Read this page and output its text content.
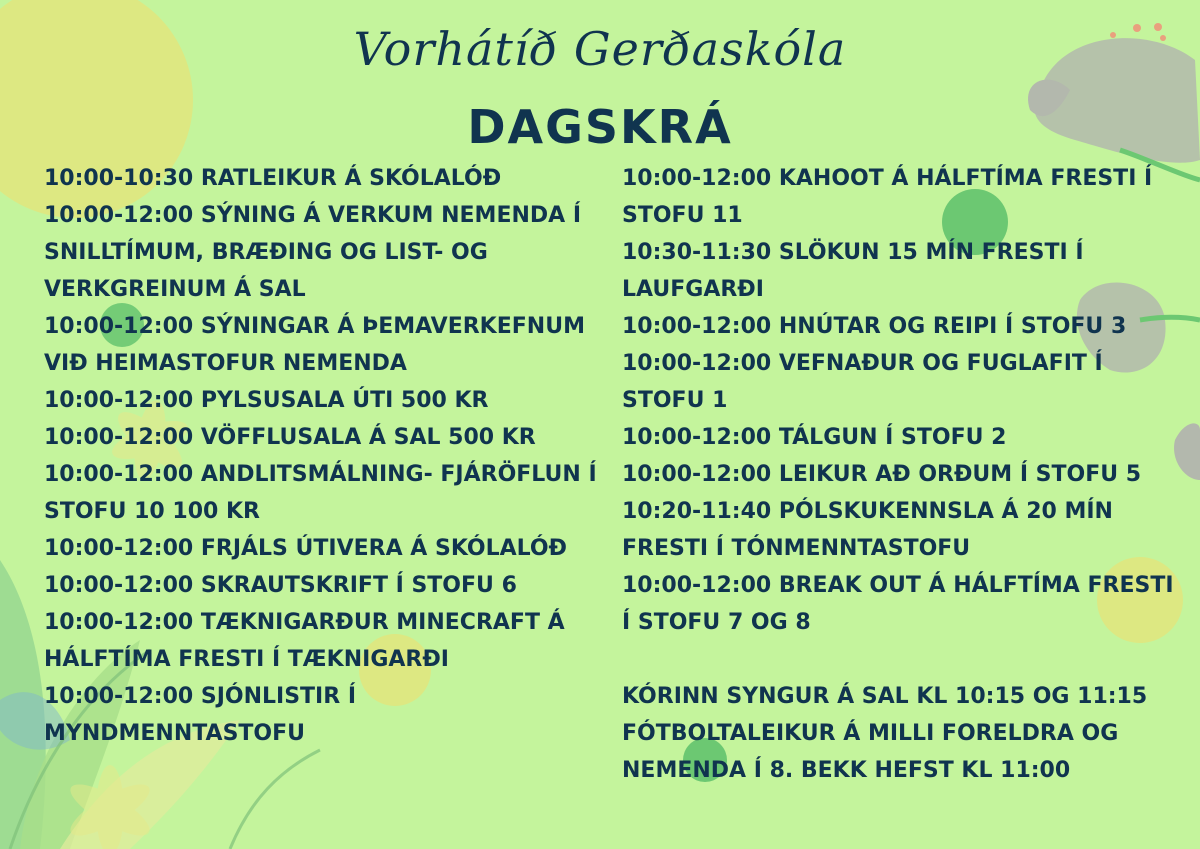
Vorhátíð Gerðaskóla
DAGSKRÁ
10:00-10:30 RATLEIKUR Á SKÓLALÓÐ
10:00-12:00 SÝNING Á VERKUM NEMENDA Í SNILLTÍMUM, BRÆÐING OG LIST- OG VERKGREINUM Á SAL
10:00-12:00 SÝNINGAR Á ÞEMAVERKEFNUM VIÐ HEIMASTOFUR NEMENDA
10:00-12:00 PYLSUSALA ÚTI 500 KR
10:00-12:00 VÖFFLUSALA Á SAL 500 KR
10:00-12:00 ANDLITSMÁLNING- FJÁRÖFLUN Í STOFU 10 100 KR
10:00-12:00 FRJÁLS ÚTIVERA Á SKÓLALÓÐ
10:00-12:00 SKRAUTSKRIFT Í STOFU 6
10:00-12:00 TÆKNIGARÐUR MINECRAFT Á HÁLFTÍMA FRESTI Í TÆKNIGARÐI
10:00-12:00 SJÓNLISTIR Í MYNDMENNTASTOFU
10:00-12:00 KAHOOT Á HÁLFTÍMA FRESTI Í STOFU 11
10:30-11:30 SLÖKUN 15 MÍN FRESTI Í LAUFGARÐI
10:00-12:00 HNÚTAR OG REIPI Í STOFU 3
10:00-12:00 VEFNAÐUR OG FUGLAFIT Í STOFU 1
10:00-12:00 TÁLGUN Í STOFU 2
10:00-12:00 LEIKUR AÐ ORÐUM Í STOFU 5
10:20-11:40 PÓLSKUKENNSLA Á 20 MÍN FRESTI Í TÓNMENNTASTOFU
10:00-12:00 BREAK OUT Á HÁLFTÍMA FRESTI Í STOFU 7 OG 8
KÓRINN SYNGUR Á SAL KL 10:15 OG 11:15
FÓTBOLTALEIKUR Á MILLI FORELDRA OG NEMENDA Í 8. BEKK HEFST KL 11:00
